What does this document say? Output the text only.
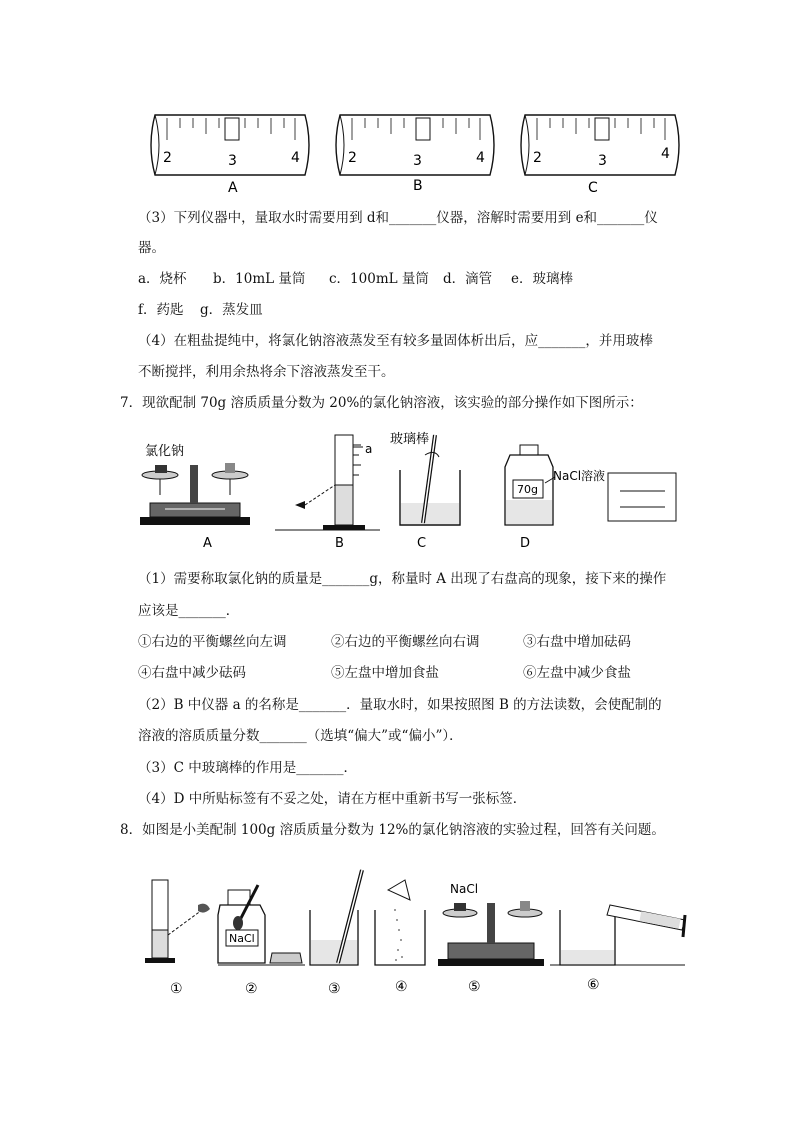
2	3	4
A
2	3	4
B
2	3	4
C
（3）下列仪器中，量取水时需要用到 d和_______仪器，溶解时需要用到 e和_______仪
器。
a．烧杯 b．10mL 量筒 c．100mL 量筒 d．滴管 e．玻璃棒
f．药匙 g．蒸发皿
（4）在粗盐提纯中，将氯化钠溶液蒸发至有较多量固体析出后，应_______，并用玻棒
不断搅拌，利用余热将余下溶液蒸发至干。
7．现欲配制 70g 溶质质量分数为 20%的氯化钠溶液，该实验的部分操作如下图所示：
氯化钠
A
a
B
玻璃棒
C
70g
NaCl溶液
D
（1）需要称取氯化钠的质量是_______g，称量时 A 出现了右盘高的现象，接下来的操作
应该是_______．
①右边的平衡螺丝向左调	②右边的平衡螺丝向右调	③右盘中增加砝码
④右盘中减少砝码	⑤左盘中增加食盐	⑥左盘中减少食盐
（2）B 中仪器 a 的名称是_______．量取水时，如果按照图 B 的方法读数，会使配制的
溶液的溶质质量分数_______（选填“偏大”或“偏小”）．
（3）C 中玻璃棒的作用是_______．
（4）D 中所贴标签有不妥之处，请在方框中重新书写一张标签．
8．如图是小美配制 100g 溶质质量分数为 12%的氯化钠溶液的实验过程，回答有关问题。
NaCl
NaCl
①	②	③	④	⑤	⑥
